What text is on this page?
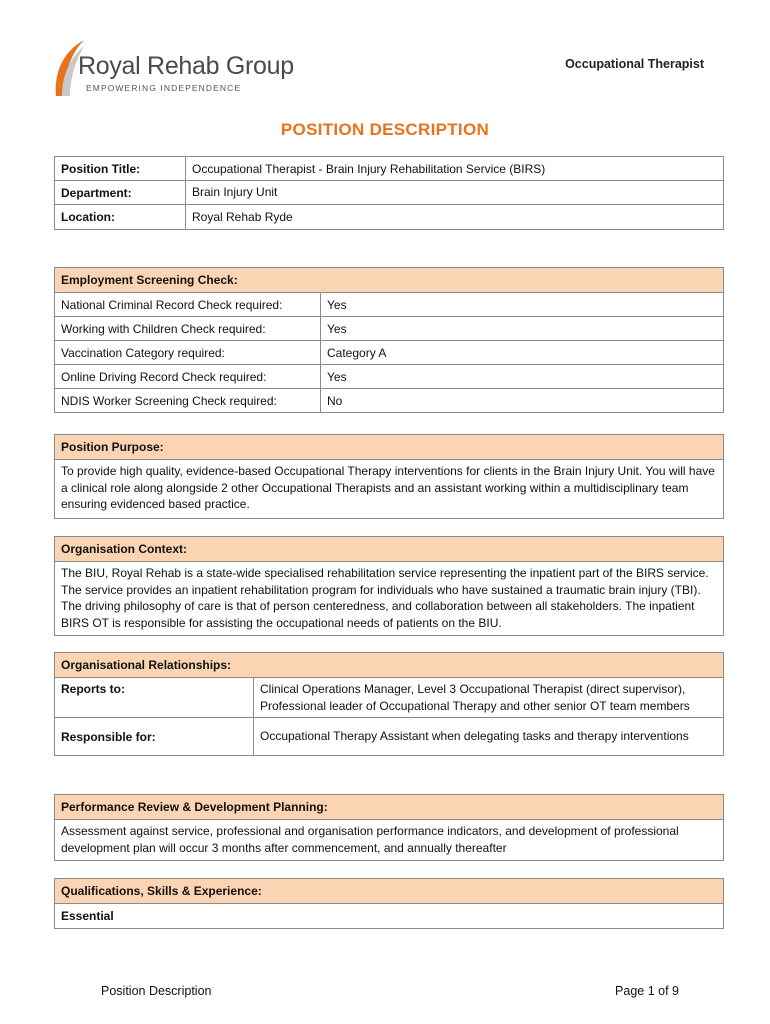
Royal Rehab Group
EMPOWERING INDEPENDENCE
Occupational Therapist
POSITION DESCRIPTION
Position Title:	Occupational Therapist - Brain Injury Rehabilitation Service (BIRS)
Department:	Brain Injury Unit
Location:	Royal Rehab Ryde
Employment Screening Check:	
National Criminal Record Check required:	Yes
Working with Children Check required:	Yes
Vaccination Category required:	Category A
Online Driving Record Check required:	Yes
NDIS Worker Screening Check required:	No
Position Purpose:
To provide high quality, evidence-based Occupational Therapy interventions for clients in the Brain Injury Unit. You will have a clinical role along alongside 2 other Occupational Therapists and an assistant working within a multidisciplinary team ensuring evidenced based practice.
Organisation Context:
The BIU, Royal Rehab is a state-wide specialised rehabilitation service representing the inpatient part of the BIRS service. The service provides an inpatient rehabilitation program for individuals who have sustained a traumatic brain injury (TBI). The driving philosophy of care is that of person centeredness, and collaboration between all stakeholders. The inpatient BIRS OT is responsible for assisting the occupational needs of patients on the BIU.
Organisational Relationships:	
Reports to:	Clinical Operations Manager, Level 3 Occupational Therapist (direct supervisor), Professional leader of Occupational Therapy and other senior OT team members
Responsible for:	Occupational Therapy Assistant when delegating tasks and therapy interventions
Performance Review & Development Planning:
Assessment against service, professional and organisation performance indicators, and development of professional development plan will occur 3 months after commencement, and annually thereafter
Qualifications, Skills & Experience:
Essential
Position Description	Page 1 of 9
